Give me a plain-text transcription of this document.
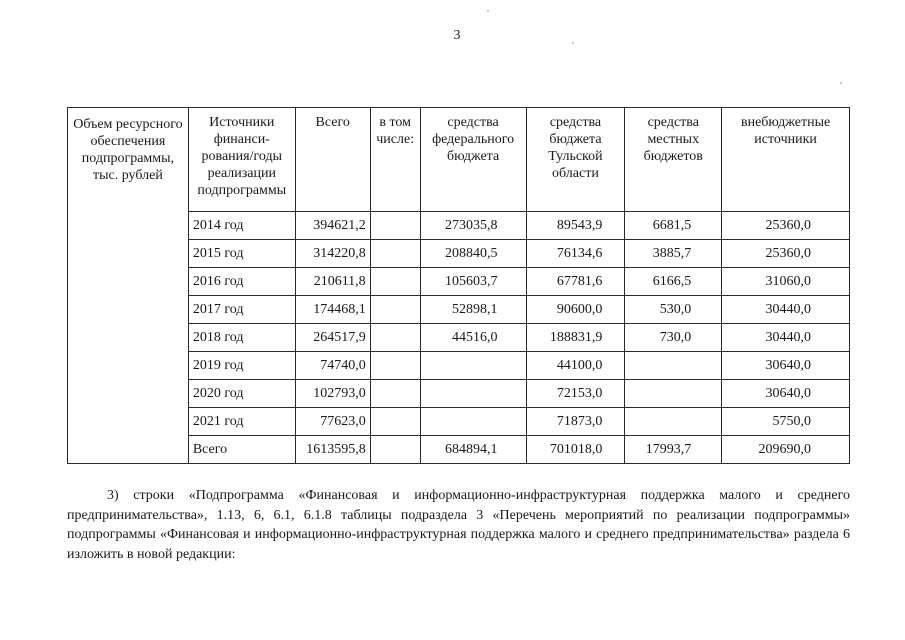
3
Объем ресурсного обеспечения подпрограммы, тыс. рублей	Источники финанси-рования/годы реализации подпрограммы	Всего	в том числе:	средства федерального бюджета	средства бюджета Тульской области	средства местных бюджетов	внебюджетные источники
	2014 год	394621,2		273035,8	89543,9	6681,5	25360,0
	2015 год	314220,8		208840,5	76134,6	3885,7	25360,0
	2016 год	210611,8		105603,7	67781,6	6166,5	31060,0
	2017 год	174468,1		52898,1	90600,0	530,0	30440,0
	2018 год	264517,9		44516,0	188831,9	730,0	30440,0
	2019 год	74740,0			44100,0		30640,0
	2020 год	102793,0			72153,0		30640,0
	2021 год	77623,0			71873,0		5750,0
	Всего	1613595,8		684894,1	701018,0	17993,7	209690,0
3) строки «Подпрограмма «Финансовая и информационно-инфраструктурная поддержка малого и среднего предпринимательства», 1.13, 6, 6.1, 6.1.8 таблицы подраздела 3 «Перечень мероприятий по реализации подпрограммы» подпрограммы «Финансовая и информационно-инфраструктурная поддержка малого и среднего предпринимательства» раздела 6 изложить в новой редакции:
